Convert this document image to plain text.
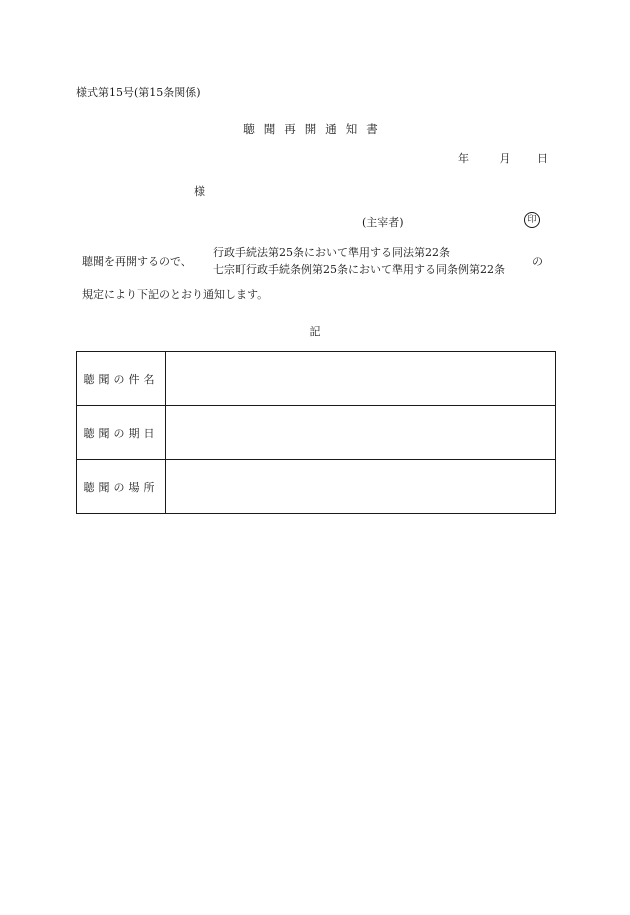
様式第15号(第15条関係)
聴聞再開通知書
年	月 日
様
(主宰者)	印
聴聞を再開するので、
行政手続法第25条において準用する同法第22条
七宗町行政手続条例第25条において準用する同条例第22条
の
規定により下記のとおり通知します。
記
聴聞の件名	
聴聞の期日	
聴聞の場所	
